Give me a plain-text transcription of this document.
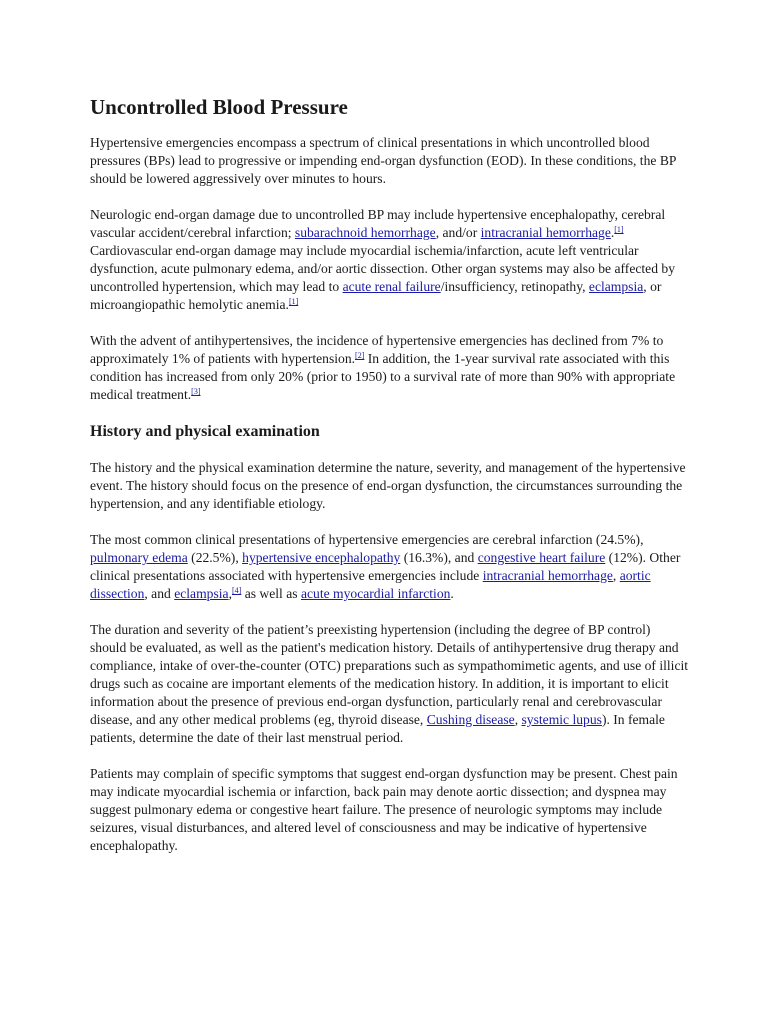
Uncontrolled Blood Pressure

Hypertensive emergencies encompass a spectrum of clinical presentations in which uncontrolled blood pressures (BPs) lead to progressive or impending end-organ dysfunction (EOD). In these conditions, the BP should be lowered aggressively over minutes to hours.

Neurologic end-organ damage due to uncontrolled BP may include hypertensive encephalopathy, cerebral vascular accident/cerebral infarction; subarachnoid hemorrhage, and/or intracranial hemorrhage.[1] Cardiovascular end-organ damage may include myocardial ischemia/infarction, acute left ventricular dysfunction, acute pulmonary edema, and/or aortic dissection. Other organ systems may also be affected by uncontrolled hypertension, which may lead to acute renal failure/insufficiency, retinopathy, eclampsia, or microangiopathic hemolytic anemia.[1]

With the advent of antihypertensives, the incidence of hypertensive emergencies has declined from 7% to approximately 1% of patients with hypertension.[2] In addition, the 1-year survival rate associated with this condition has increased from only 20% (prior to 1950) to a survival rate of more than 90% with appropriate medical treatment.[3]

History and physical examination

The history and the physical examination determine the nature, severity, and management of the hypertensive event. The history should focus on the presence of end-organ dysfunction, the circumstances surrounding the hypertension, and any identifiable etiology.

The most common clinical presentations of hypertensive emergencies are cerebral infarction (24.5%), pulmonary edema (22.5%), hypertensive encephalopathy (16.3%), and congestive heart failure (12%). Other clinical presentations associated with hypertensive emergencies include intracranial hemorrhage, aortic dissection, and eclampsia,[4] as well as acute myocardial infarction.

The duration and severity of the patient’s preexisting hypertension (including the degree of BP control) should be evaluated, as well as the patient's medication history. Details of antihypertensive drug therapy and compliance, intake of over-the-counter (OTC) preparations such as sympathomimetic agents, and use of illicit drugs such as cocaine are important elements of the medication history. In addition, it is important to elicit information about the presence of previous end-organ dysfunction, particularly renal and cerebrovascular disease, and any other medical problems (eg, thyroid disease, Cushing disease, systemic lupus). In female patients, determine the date of their last menstrual period.

Patients may complain of specific symptoms that suggest end-organ dysfunction may be present. Chest pain may indicate myocardial ischemia or infarction, back pain may denote aortic dissection; and dyspnea may suggest pulmonary edema or congestive heart failure. The presence of neurologic symptoms may include seizures, visual disturbances, and altered level of consciousness and may be indicative of hypertensive encephalopathy.
